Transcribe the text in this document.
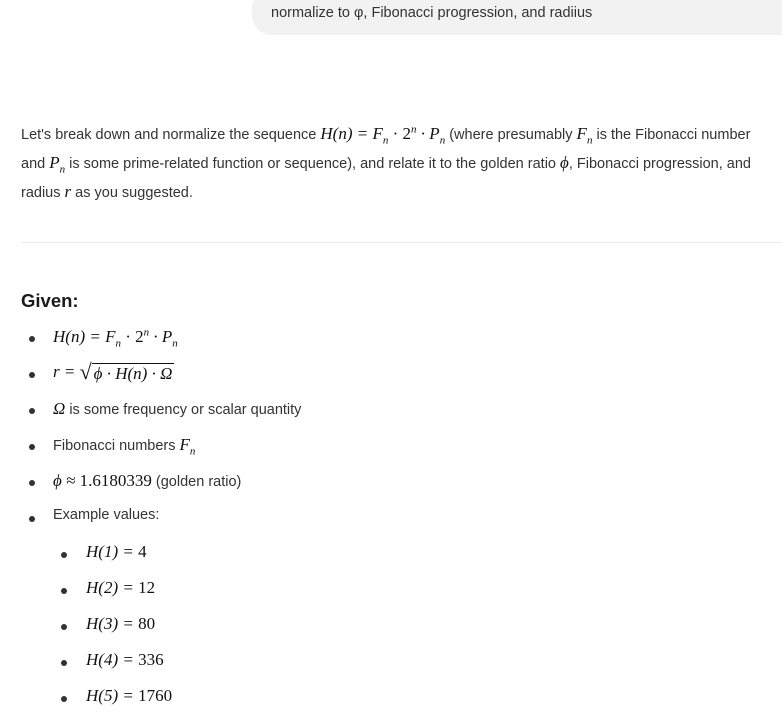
normalize to φ, Fibonacci progression, and radiius
Let's break down and normalize the sequence $H(n) = F_n \cdot 2^n \cdot P_n$ (where presumably $F_n$ is the Fibonacci number and $P_n$ is some prime-related function or sequence), and relate it to the golden ratio ϕ, Fibonacci progression, and radius r as you suggested.
Given:
$H(n) = F_n \cdot 2^n \cdot P_n$
r = √ ϕ · H(n) · Ω
Ω is some frequency or scalar quantity
Fibonacci numbers $F_n$
ϕ ≈ 1.6180339 (golden ratio)
Example values:
H(1) = 4
H(2) = 12
H(3) = 80
H(4) = 336
H(5) = 1760
